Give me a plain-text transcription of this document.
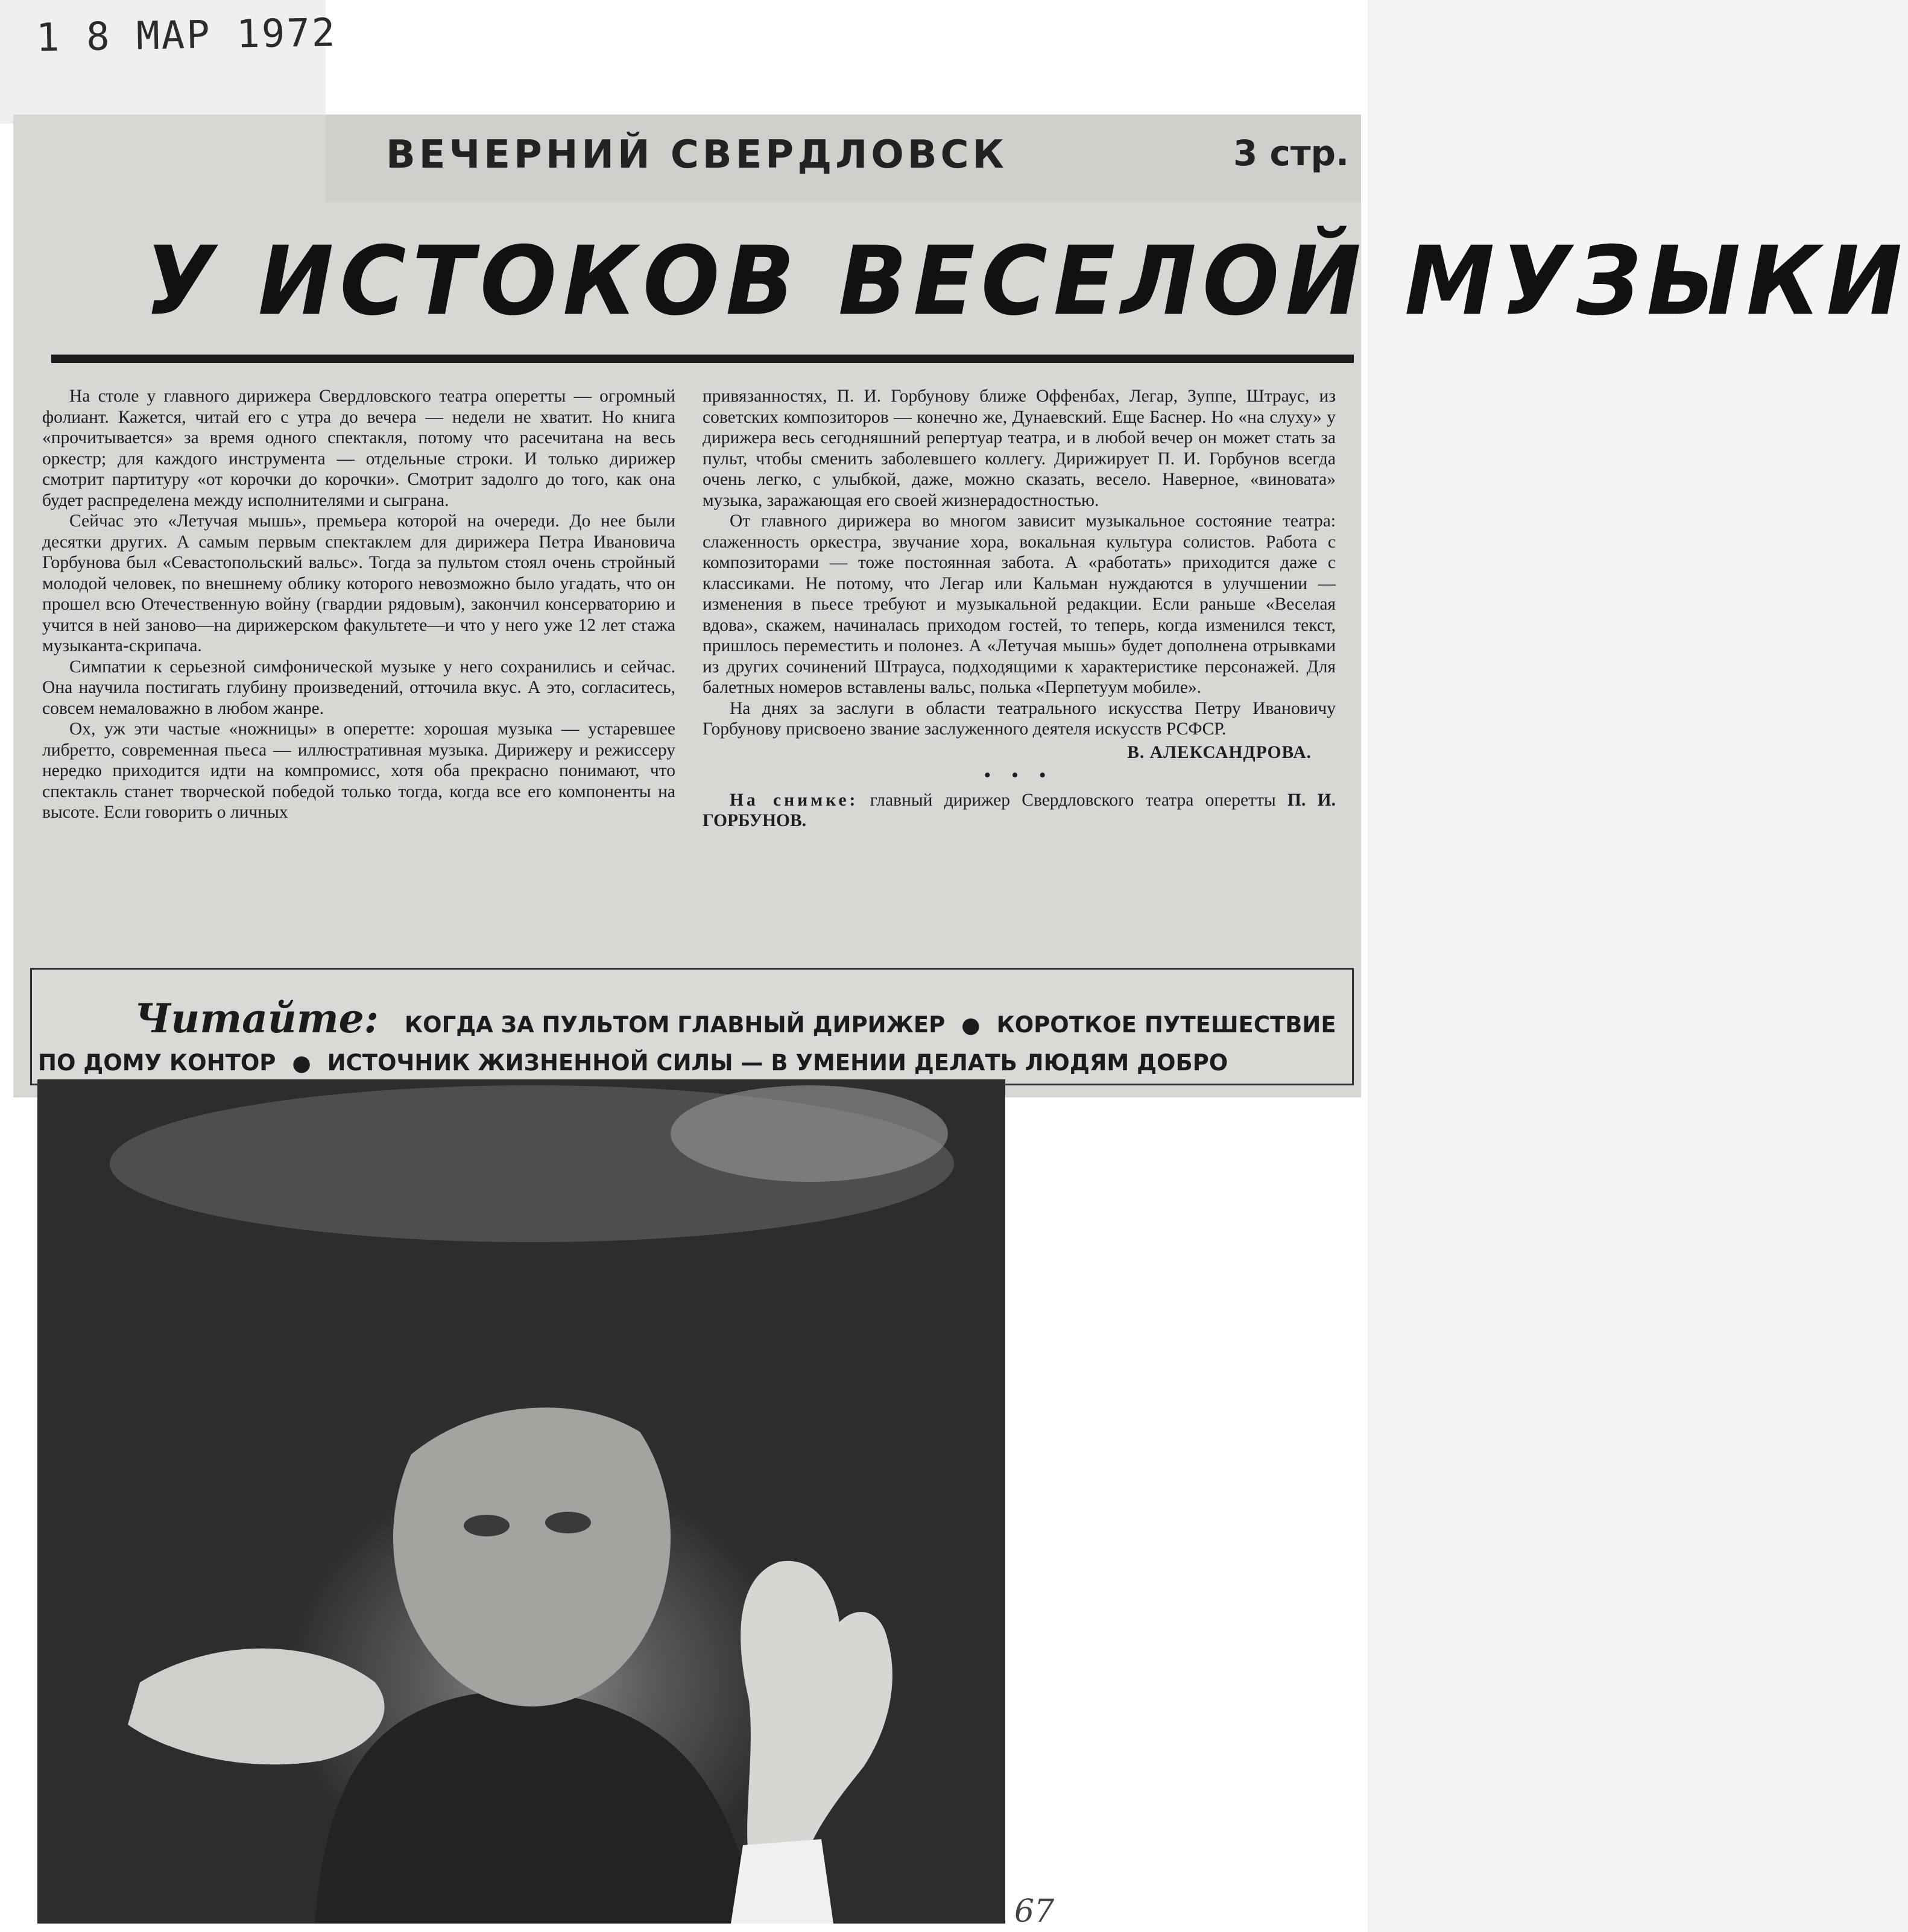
1 8 МАР 1972
ВЕЧЕРНИЙ СВЕРДЛОВСК	3 стр.
У ИСТОКОВ ВЕСЕЛОЙ МУЗЫКИ

На столе у главного дирижера Свердловского театра оперетты — огромный фолиант. Кажется, читай его с утра до вечера — недели не хватит. Но книга «прочитывается» за время одного спектакля, потому что расечитана на весь оркестр; для каждого инструмента — отдельные строки. И только дирижер смотрит партитуру «от корочки до корочки». Смотрит задолго до того, как она будет распределена между исполнителями и сыграна.

Сейчас это «Летучая мышь», премьера которой на очереди. До нее были десятки других. А самым первым спектаклем для дирижера Петра Ивановича Горбунова был «Севастопольский вальс». Тогда за пультом стоял очень стройный молодой человек, по внешнему облику которого невозможно было угадать, что он прошел всю Отечественную войну (гвардии рядовым), закончил консерваторию и учится в ней заново—на дирижерском факультете—и что у него уже 12 лет стажа музыканта-скрипача.

Симпатии к серьезной симфонической музыке у него сохранились и сейчас. Она научила постигать глубину произведений, отточила вкус. А это, согласитесь, совсем немаловажно в любом жанре.

Ох, уж эти частые «ножницы» в оперетте: хорошая музыка — устаревшее либретто, современная пьеса — иллюстративная музыка. Дирижеру и режиссеру нередко приходится идти на компромисс, хотя оба прекрасно понимают, что спектакль станет творческой победой только тогда, когда все его компоненты на высоте. Если говорить о личных

привязанностях, П. И. Горбунову ближе Оффенбах, Легар, Зуппе, Штраус, из советских композиторов — конечно же, Дунаевский. Еще Баснер. Но «на слуху» у дирижера весь сегодняшний репертуар театра, и в любой вечер он может стать за пульт, чтобы сменить заболевшего коллегу. Дирижирует П. И. Горбунов всегда очень легко, с улыбкой, даже, можно сказать, весело. Наверное, «виновата» музыка, заражающая его своей жизнерадостностью.

От главного дирижера во многом зависит музыкальное состояние театра: слаженность оркестра, звучание хора, вокальная культура солистов. Работа с композиторами — тоже постоянная забота. А «работать» приходится даже с классиками. Не потому, что Легар или Кальман нуждаются в улучшении — изменения в пьесе требуют и музыкальной редакции. Если раньше «Веселая вдова», скажем, начиналась приходом гостей, то теперь, когда изменился текст, пришлось переместить и полонез. А «Летучая мышь» будет дополнена отрывками из других сочинений Штрауса, подходящими к характеристике персонажей. Для балетных номеров вставлены вальс, полька «Перпетуум мобиле».

На днях за заслуги в области театрального искусства Петру Ивановичу Горбунову присвоено звание заслуженного деятеля искусств РСФСР.

В. АЛЕКСАНДРОВА.
• • •
На снимке: главный дирижер Свердловского театра оперетты П. И. ГОРБУНОВ.
Читайте: КОГДА ЗА ПУЛЬТОМ ГЛАВНЫЙ ДИРИЖЕР ● КОРОТКОЕ ПУТЕШЕСТВИЕ ПО ДОМУ КОНТОР ● ИСТОЧНИК ЖИЗНЕННОЙ СИЛЫ — В УМЕНИИ ДЕЛАТЬ ЛЮДЯМ ДОБРО
67
